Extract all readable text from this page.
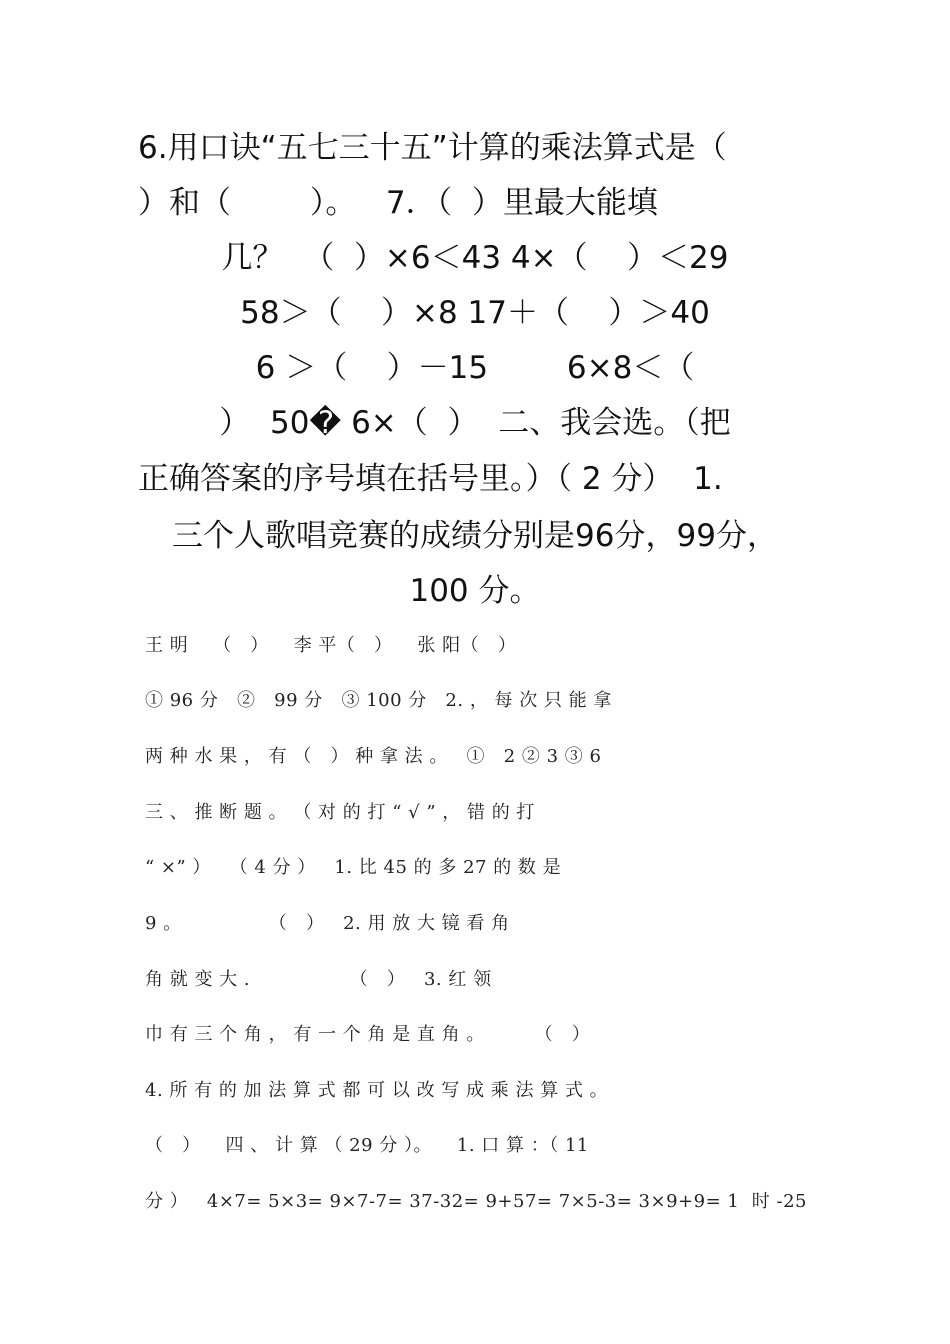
6.用口诀“五七三十五”计算的乘法算式是（
）和（        ）。   7．（  ）里最大能填
几？  （  ）×6＜43 4×（    ）＜29
58＞（    ）×8 17＋（    ）＞40
6 ＞（    ）－15        6×8＜（
）  50� 6×（  ）  二、我会选。（把
正确答案的序号填在括号里。）（ 2 分）  1.
三个人歌唱竞赛的成绩分别是96分，99分，
100 分。
王 明    （   ）    李 平（   ）    张 阳（   ）
① 96 分   ②   99 分   ③ 100 分   2. ， 每 次 只 能 拿
两 种 水 果 ， 有 （   ） 种 拿 法 。   ①   2 ② 3 ③ 6
三 、 推 断 题 。 （ 对 的 打 “ √ ” ， 错 的 打
“ ×” ）   （ 4 分 ）   1. 比 45 的 多 27 的 数 是
9 。              （   ）   2. 用 放 大 镜 看 角
角 就 变 大 .                （   ）   3. 红 领
巾 有 三 个 角 ， 有 一 个 角 是 直 角 。        （   ）
4. 所 有 的 加 法 算 式 都 可 以 改 写 成 乘 法 算 式 。
（   ）    四 、 计 算 （ 29 分 ）。    1. 口 算 ：（ 11
分 ）   4×7= 5×3= 9×7-7= 37-32= 9+57= 7×5-3= 3×9+9= 1  时 -25
